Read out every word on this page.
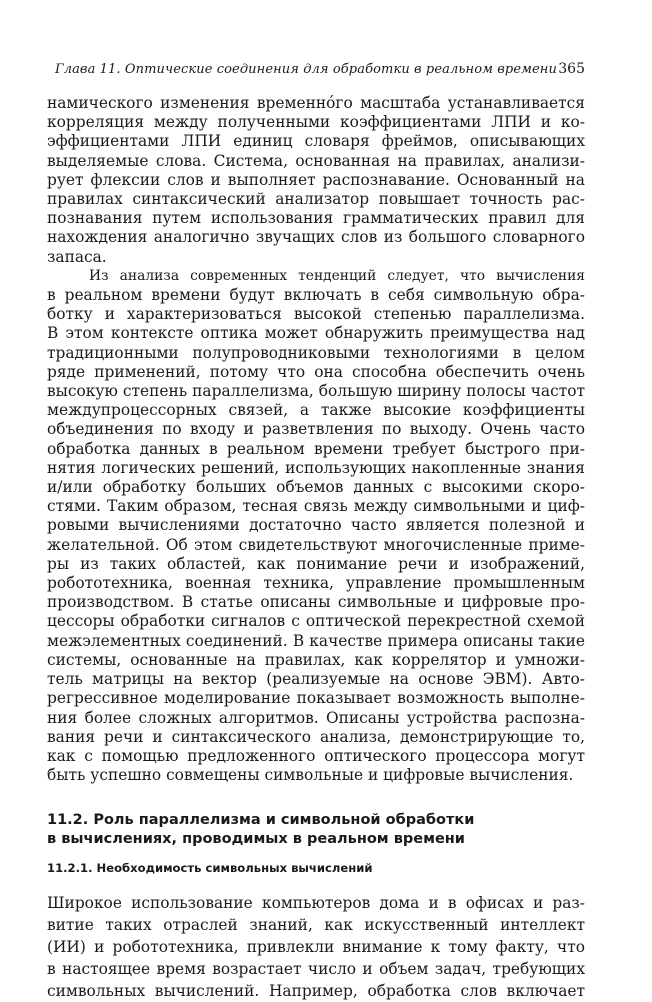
Глава 11. Оптические соединения для обработки в реальном времени 365

намического изменения временно́го масштаба устанавливается
корреляция между полученными коэффициентами ЛПИ и ко-
эффициентами ЛПИ единиц словаря фреймов, описывающих
выделяемые слова. Система, основанная на правилах, анализи-
рует флексии слов и выполняет распознавание. Основанный на
правилах синтаксический анализатор повышает точность рас-
познавания путем использования грамматических правил для
нахождения аналогично звучащих слов из большого словарного
запаса.

Из анализа современных тенденций следует, что вычисления
в реальном времени будут включать в себя символьную обра-
ботку и характеризоваться высокой степенью параллелизма.
В этом контексте оптика может обнаружить преимущества над
традиционными полупроводниковыми технологиями в целом
ряде применений, потому что она способна обеспечить очень
высокую степень параллелизма, большую ширину полосы частот
междупроцессорных связей, а также высокие коэффициенты
объединения по входу и разветвления по выходу. Очень часто
обработка данных в реальном времени требует быстрого при-
нятия логических решений, использующих накопленные знания
и/или обработку больших объемов данных с высокими скоро-
стями. Таким образом, тесная связь между символьными и циф-
ровыми вычислениями достаточно часто является полезной и
желательной. Об этом свидетельствуют многочисленные приме-
ры из таких областей, как понимание речи и изображений,
робототехника, военная техника, управление промышленным
производством. В статье описаны символьные и цифровые про-
цессоры обработки сигналов с оптической перекрестной схемой
межэлементных соединений. В качестве примера описаны такие
системы, основанные на правилах, как коррелятор и умножи-
тель матрицы на вектор (реализуемые на основе ЭВМ). Авто-
регрессивное моделирование показывает возможность выполне-
ния более сложных алгоритмов. Описаны устройства распозна-
вания речи и синтаксического анализа, демонстрирующие то,
как с помощью предложенного оптического процессора могут
быть успешно совмещены символьные и цифровые вычисления.

11.2. Роль параллелизма и символьной обработки
в вычислениях, проводимых в реальном времени
11.2.1. Необходимость символьных вычислений

Широкое использование компьютеров дома и в офисах и раз-
витие таких отраслей знаний, как искусственный интеллект
(ИИ) и робототехника, привлекли внимание к тому факту, что
в настоящее время возрастает число и объем задач, требующих
символьных вычислений. Например, обработка слов включает
